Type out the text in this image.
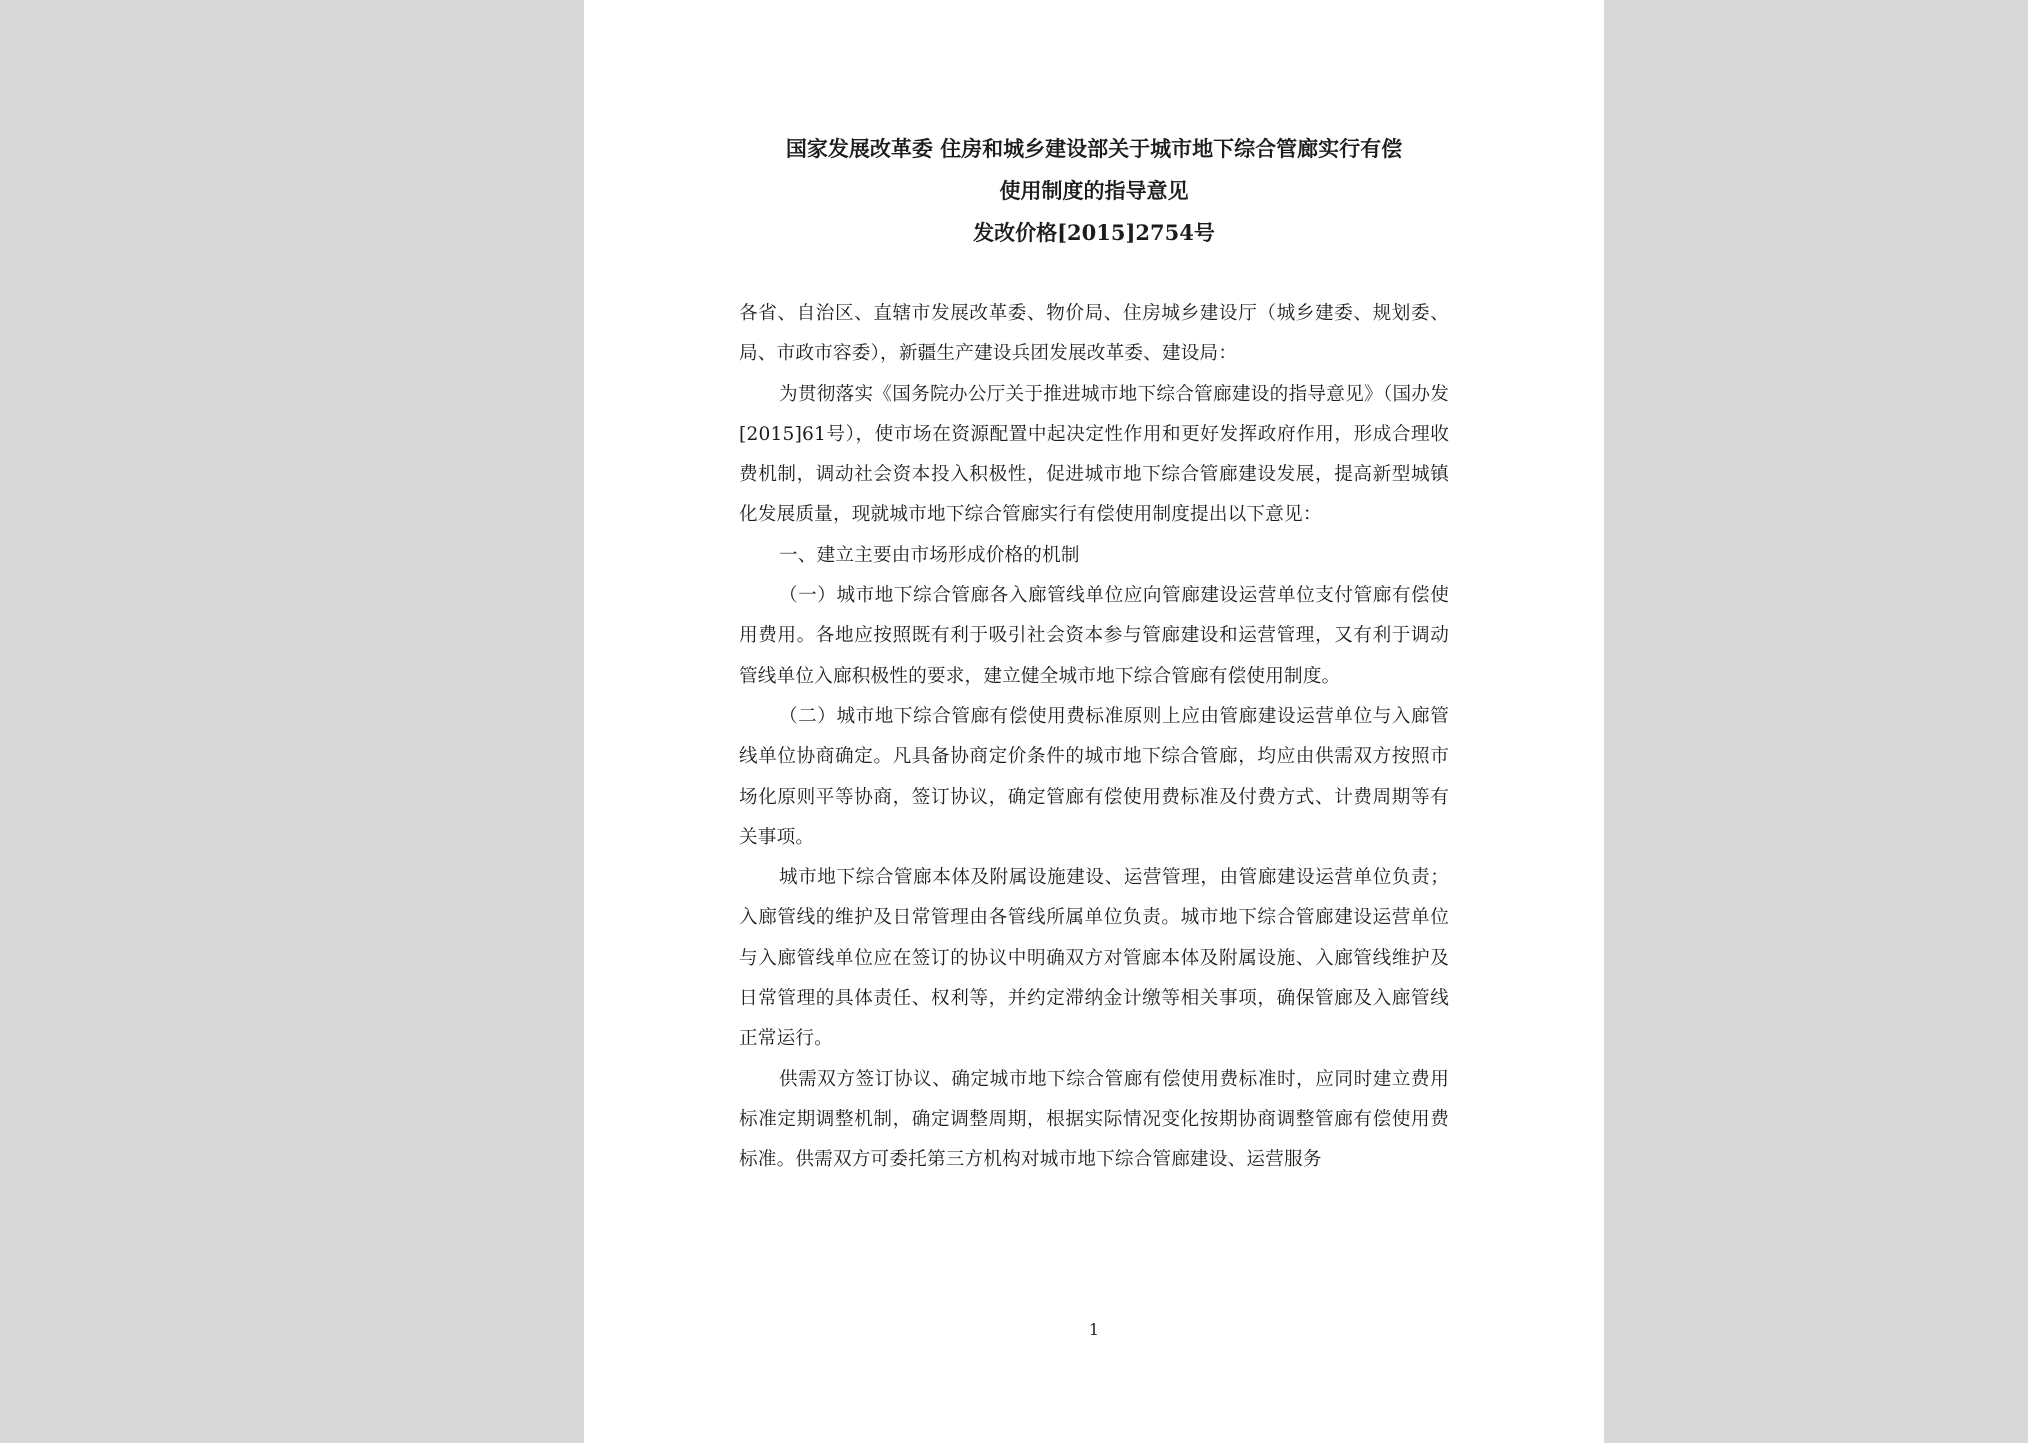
国家发展改革委 住房和城乡建设部关于城市地下综合管廊实行有偿

使用制度的指导意见

发改价格[2015]2754号

各省、自治区、直辖市发展改革委、物价局、住房城乡建设厅（城乡建委、规划委、局、市政市容委），新疆生产建设兵团发展改革委、建设局：

为贯彻落实《国务院办公厅关于推进城市地下综合管廊建设的指导意见》（国办发[2015]61号），使市场在资源配置中起决定性作用和更好发挥政府作用，形成合理收费机制，调动社会资本投入积极性，促进城市地下综合管廊建设发展，提高新型城镇化发展质量，现就城市地下综合管廊实行有偿使用制度提出以下意见：

一、建立主要由市场形成价格的机制

（一）城市地下综合管廊各入廊管线单位应向管廊建设运营单位支付管廊有偿使用费用。各地应按照既有利于吸引社会资本参与管廊建设和运营管理，又有利于调动管线单位入廊积极性的要求，建立健全城市地下综合管廊有偿使用制度。

（二）城市地下综合管廊有偿使用费标准原则上应由管廊建设运营单位与入廊管线单位协商确定。凡具备协商定价条件的城市地下综合管廊，均应由供需双方按照市场化原则平等协商，签订协议，确定管廊有偿使用费标准及付费方式、计费周期等有关事项。

城市地下综合管廊本体及附属设施建设、运营管理，由管廊建设运营单位负责；入廊管线的维护及日常管理由各管线所属单位负责。城市地下综合管廊建设运营单位与入廊管线单位应在签订的协议中明确双方对管廊本体及附属设施、入廊管线维护及日常管理的具体责任、权利等，并约定滞纳金计缴等相关事项，确保管廊及入廊管线正常运行。

供需双方签订协议、确定城市地下综合管廊有偿使用费标准时，应同时建立费用标准定期调整机制，确定调整周期，根据实际情况变化按期协商调整管廊有偿使用费标准。供需双方可委托第三方机构对城市地下综合管廊建设、运营服务

1
